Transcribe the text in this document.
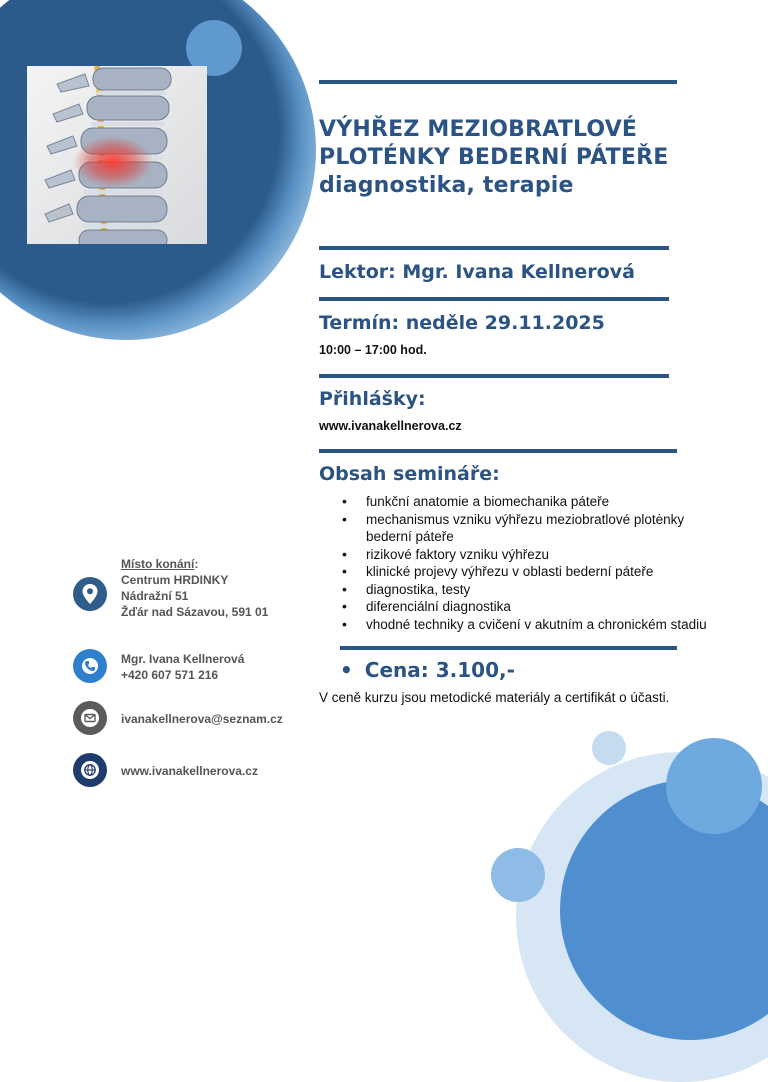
VÝHŘEZ MEZIOBRATLOVÉ PLOTÉNKY BEDERNÍ PÁTEŘE diagnostika, terapie
Lektor: Mgr. Ivana Kellnerová
Termín: neděle 29.11.2025
10:00 – 17:00 hod.
Přihlášky:
www.ivanakellnerova.cz
Obsah semináře:
• funkční anatomie a biomechanika páteře
• mechanismus vzniku výhřezu meziobratlové plotėnky bederní páteře
• rizikové faktory vzniku výhřezu
• klinické projevy výhřezu v oblasti bederní páteře
• diagnostika, testy
• diferenciální diagnostika
• vhodné techniky a cvičení v akutním a chronickém stadiu
• Cena: 3.100,-
V ceně kurzu jsou metodické materiály a certifikát o účasti.
Místo konání:
Centrum HRDINKY
Nádražní 51
Žďár nad Sázavou, 591 01
Mgr. Ivana Kellnerová
+420 607 571 216
ivanakellnerova@seznam.cz
www.ivanakellnerova.cz
